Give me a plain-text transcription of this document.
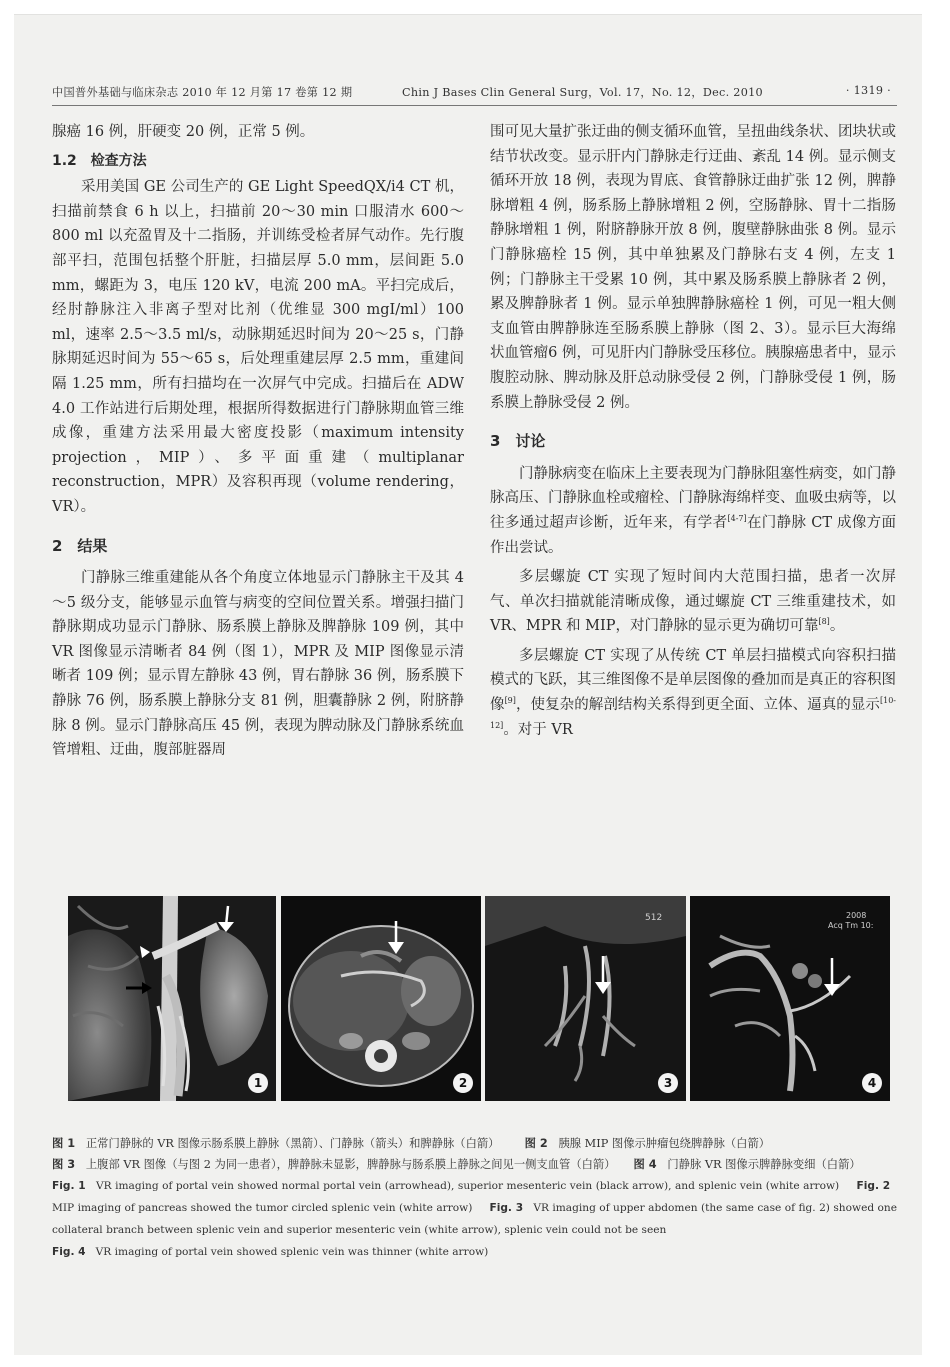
中国普外基础与临床杂志 2010 年 12 月第 17 卷第 12 期	Chin J Bases Clin General Surg，Vol. 17，No. 12，Dec. 2010	· 1319 ·

腺癌 16 例，肝硬变 20 例，正常 5 例。

1.2 检查方法

采用美国 GE 公司生产的 GE Light SpeedQX/i4 CT 机，扫描前禁食 6 h 以上，扫描前 20～30 min 口服清水 600～800 ml 以充盈胃及十二指肠，并训练受检者屏气动作。先行腹部平扫，范围包括整个肝脏，扫描层厚 5.0 mm，层间距 5.0 mm，螺距为 3，电压 120 kV，电流 200 mA。平扫完成后，经肘静脉注入非离子型对比剂（优维显 300 mgI/ml）100 ml，速率 2.5～3.5 ml/s，动脉期延迟时间为 20～25 s，门静脉期延迟时间为 55～65 s，后处理重建层厚 2.5 mm，重建间隔 1.25 mm，所有扫描均在一次屏气中完成。扫描后在 ADW 4.0 工作站进行后期处理，根据所得数据进行门静脉期血管三维成像，重建方法采用最大密度投影（maximum intensity projection，MIP）、多平面重建（multiplanar reconstruction，MPR）及容积再现（volume rendering，VR）。

2　结果

门静脉三维重建能从各个角度立体地显示门静脉主干及其 4～5 级分支，能够显示血管与病变的空间位置关系。增强扫描门静脉期成功显示门静脉、肠系膜上静脉及脾静脉 109 例，其中 VR 图像显示清晰者 84 例（图 1），MPR 及 MIP 图像显示清晰者 109 例；显示胃左静脉 43 例，胃右静脉 36 例，肠系膜下静脉 76 例，肠系膜上静脉分支 81 例，胆囊静脉 2 例，附脐静脉 8 例。显示门静脉高压 45 例，表现为脾动脉及门静脉系统血管增粗、迂曲，腹部脏器周

围可见大量扩张迂曲的侧支循环血管，呈扭曲线条状、团块状或结节状改变。显示肝内门静脉走行迂曲、紊乱 14 例。显示侧支循环开放 18 例，表现为胃底、食管静脉迂曲扩张 12 例，脾静脉增粗 4 例，肠系肠上静脉增粗 2 例，空肠静脉、胃十二指肠静脉增粗 1 例，附脐静脉开放 8 例，腹壁静脉曲张 8 例。显示门静脉癌栓 15 例，其中单独累及门静脉右支 4 例，左支 1 例；门静脉主干受累 10 例，其中累及肠系膜上静脉者 2 例，累及脾静脉者 1 例。显示单独脾静脉癌栓 1 例，可见一粗大侧支血管由脾静脉连至肠系膜上静脉（图 2、3）。显示巨大海绵状血管瘤6 例，可见肝内门静脉受压移位。胰腺癌患者中，显示腹腔动脉、脾动脉及肝总动脉受侵 2 例，门静脉受侵 1 例，肠系膜上静脉受侵 2 例。

3　讨论

门静脉病变在临床上主要表现为门静脉阻塞性病变，如门静脉高压、门静脉血栓或瘤栓、门静脉海绵样变、血吸虫病等，以往多通过超声诊断，近年来，有学者[4-7]在门静脉 CT 成像方面作出尝试。

多层螺旋 CT 实现了短时间内大范围扫描，患者一次屏气、单次扫描就能清晰成像，通过螺旋 CT 三维重建技术，如 VR、MPR 和 MIP，对门静脉的显示更为确切可靠[8]。

多层螺旋 CT 实现了从传统 CT 单层扫描模式向容积扫描模式的飞跃，其三维图像不是单层图像的叠加而是真正的容积图像[9]，使复杂的解剖结构关系得到更全面、立体、逼真的显示[10-12]。对于 VR

1	2
512
3
2008
Acq Tm 10:
4
图 1 正常门静脉的 VR 图像示肠系膜上静脉（黑箭）、门静脉（箭头）和脾静脉（白箭） 图 2 胰腺 MIP 图像示肿瘤包绕脾静脉（白箭）
图 3 上腹部 VR 图像（与图 2 为同一患者），脾静脉未显影，脾静脉与肠系膜上静脉之间见一侧支血管（白箭） 图 4 门静脉 VR 图像示脾静脉变细（白箭）
Fig. 1 VR imaging of portal vein showed normal portal vein (arrowhead), superior mesenteric vein (black arrow), and splenic vein (white arrow) Fig. 2   MIP imaging of pancreas showed the tumor circled splenic vein (white arrow) Fig. 3 VR imaging of upper abdomen (the same case of fig. 2) showed one collateral branch between splenic vein and superior mesenteric vein (white arrow), splenic vein could not be seen
Fig. 4 VR imaging of portal vein showed splenic vein was thinner (white arrow)
